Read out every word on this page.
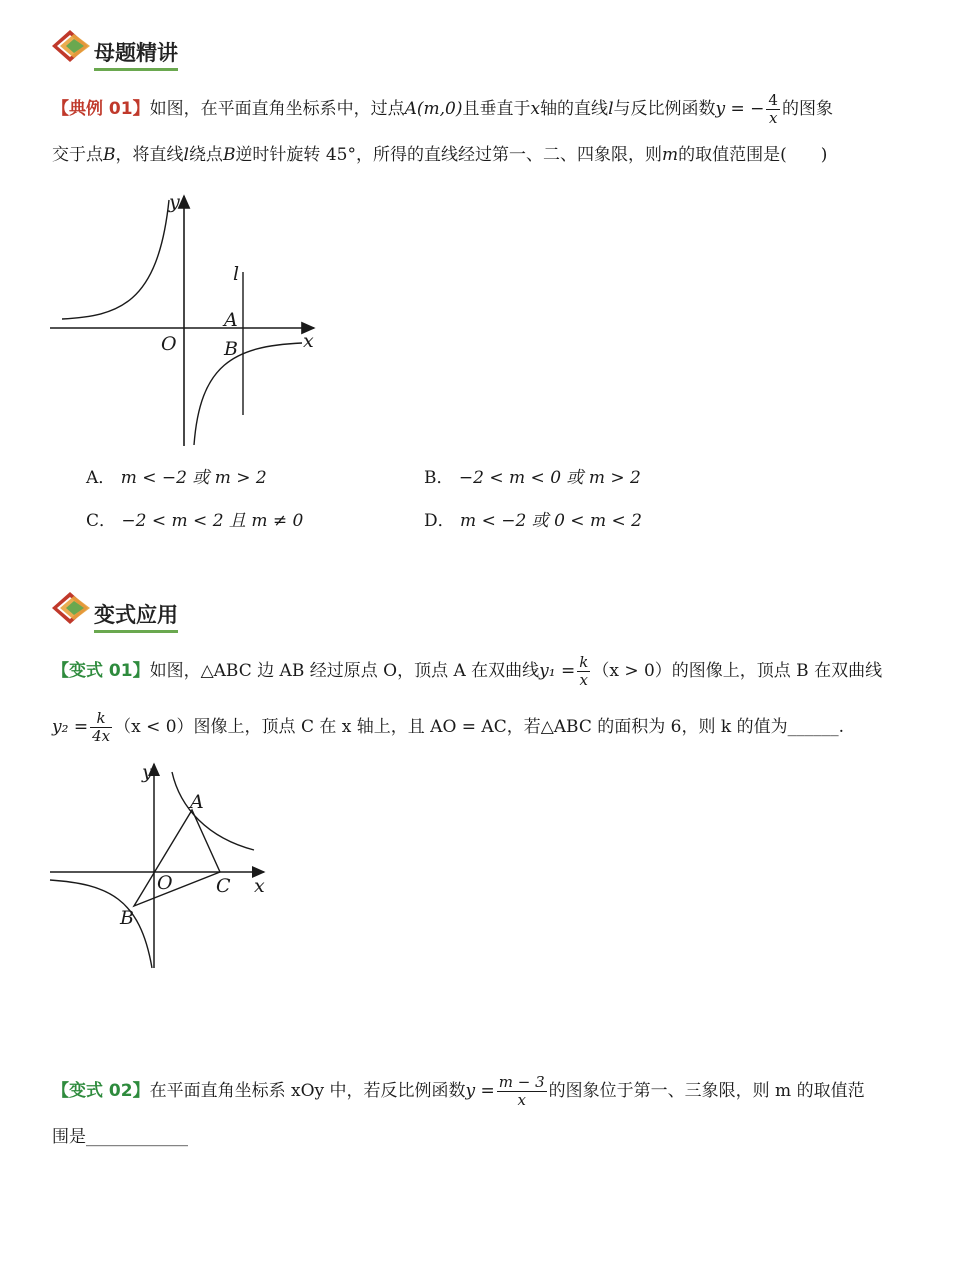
母题精讲
【典例 01】如图，在平面直角坐标系中，过点A(m,0)且垂直于x轴的直线l与反比例函数y = − $\frac{4}{x}$ 的图象
交于点B，将直线l绕点B逆时针旋转 45°，所得的直线经过第一、二、四象限，则m的取值范围是(　　)
y
x
O
l
A
B
A． m < −2 或 m > 2	B． −2 < m < 0 或 m > 2
C． −2 < m < 2 且 m ≠ 0	D． m < −2 或 0 < m < 2
变式应用
【变式 01】如图，△ABC 边 AB 经过原点 O，顶点 A 在双曲线$y_1 = \frac{k}{x} (x > 0)$的图像上，顶点 B 在双曲线
$y_2 = \frac{k}{4x} (x < 0)$图像上，顶点 C 在 x 轴上，且 AO = AC，若△ABC 的面积为 6，则 k 的值为______.
y
x
O
A
B
C
【变式 02】在平面直角坐标系 xOy 中，若反比例函数$y = \frac{m - 3}{x}$ 的图象位于第一、三象限，则 m 的取值范
围是____________
